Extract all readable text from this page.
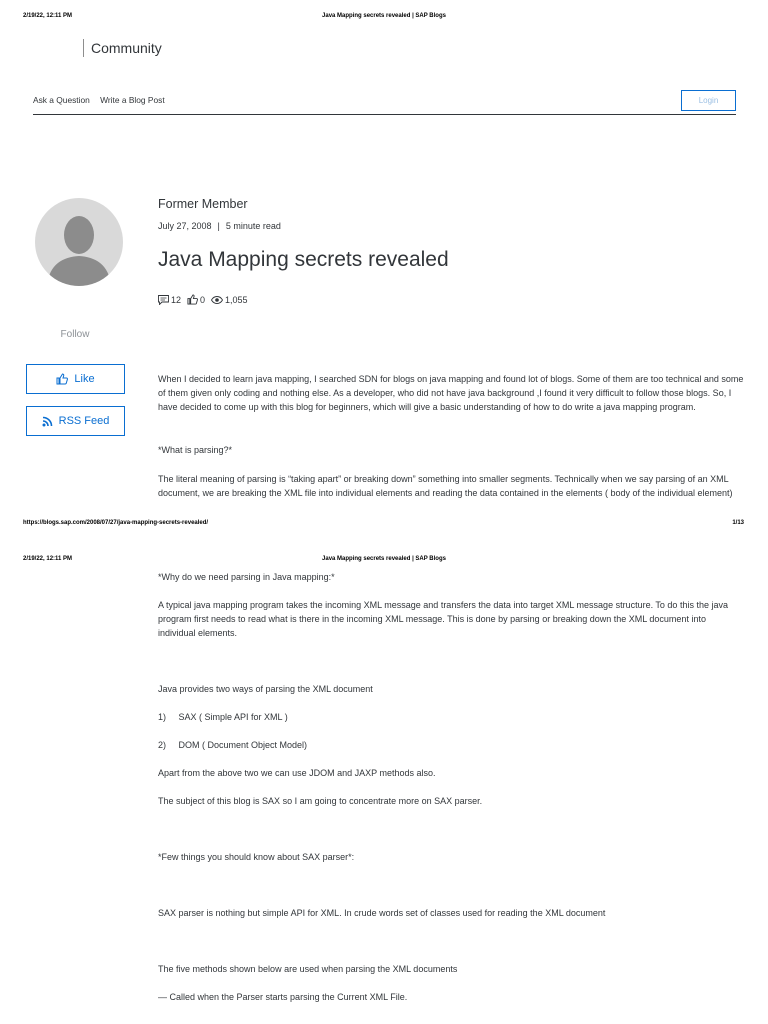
2/19/22, 12:11 PM	Java Mapping secrets revealed | SAP Blogs
Community
Ask a Question Write a Blog Post	Login
Follow
Like
RSS Feed
Former Member
July 27, 2008 | 5 minute read
Java Mapping secrets revealed
12 0 1,055

When I decided to learn java mapping, I searched SDN for blogs on java mapping and found lot of blogs. Some of them are too technical and some of them given only coding and nothing else. As a developer, who did not have java background ,I found it very difficult to follow those blogs. So, I have decided to come up with this blog for beginners, which will give a basic understanding of how to do write a java mapping program.

*What is parsing?*

The literal meaning of parsing is “taking apart” or breaking down” something into smaller segments. Technically when we say parsing of an XML document, we are breaking the XML file into individual elements and reading the data contained in the elements ( body of the individual element)

https://blogs.sap.com/2008/07/27/java-mapping-secrets-revealed/	1/13
2/19/22, 12:11 PM	Java Mapping secrets revealed | SAP Blogs

*Why do we need parsing in Java mapping:*

A typical java mapping program takes the incoming XML message and transfers the data into target XML message structure. To do this the java program first needs to read what is there in the incoming XML message. This is done by parsing or breaking down the XML document into individual elements.

Java provides two ways of parsing the XML document

1)     SAX ( Simple API for XML )

2)     DOM ( Document Object Model)

Apart from the above two we can use JDOM and JAXP methods also.

The subject of this blog is SAX so I am going to concentrate more on SAX parser.

*Few things you should know about SAX parser*:

SAX parser is nothing but simple API for XML. In crude words set of classes used for reading the XML document

The five methods shown below are used when parsing the XML documents

— Called when the Parser starts parsing the Current XML File.
